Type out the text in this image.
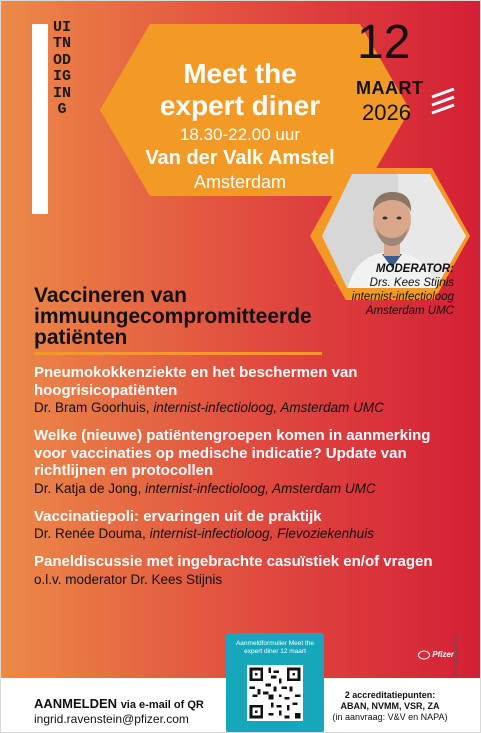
UITNODIGING
Meet the
expert diner
18.30-22.00 uur
Van der Valk Amstel
Amsterdam
12
MAART
2026
MODERATOR:
Drs. Kees Stijnis
internist-infectioloog
Amsterdam UMC
Vaccineren van immuungecompromitteerde patiënten
Pneumokokkenziekte en het beschermen van hoogrisicopatiënten
Dr. Bram Goorhuis, internist-infectioloog, Amsterdam UMC
Welke (nieuwe) patiëntengroepen komen in aanmerking voor vaccinaties op medische indicatie? Update van richtlijnen en protocollen
Dr. Katja de Jong, internist-infectioloog, Amsterdam UMC
Vaccinatiepoli: ervaringen uit de praktijk
Dr. Renée Douma, internist-infectioloog, Flevoziekenhuis
Paneldiscussie met ingebrachte casuïstiek en/of vragen o.l.v. moderator Dr. Kees Stijnis
Aanmeldformulier Meet the expert diner 12 maart	Pfizer PP-UNP-NLD-1136
AANMELDEN via e-mail of QR
ingrid.ravenstein@pfizer.com
2 accreditatiepunten:
ABAN, NVMM, VSR, ZA
(in aanvraag: V&V en NAPA)
